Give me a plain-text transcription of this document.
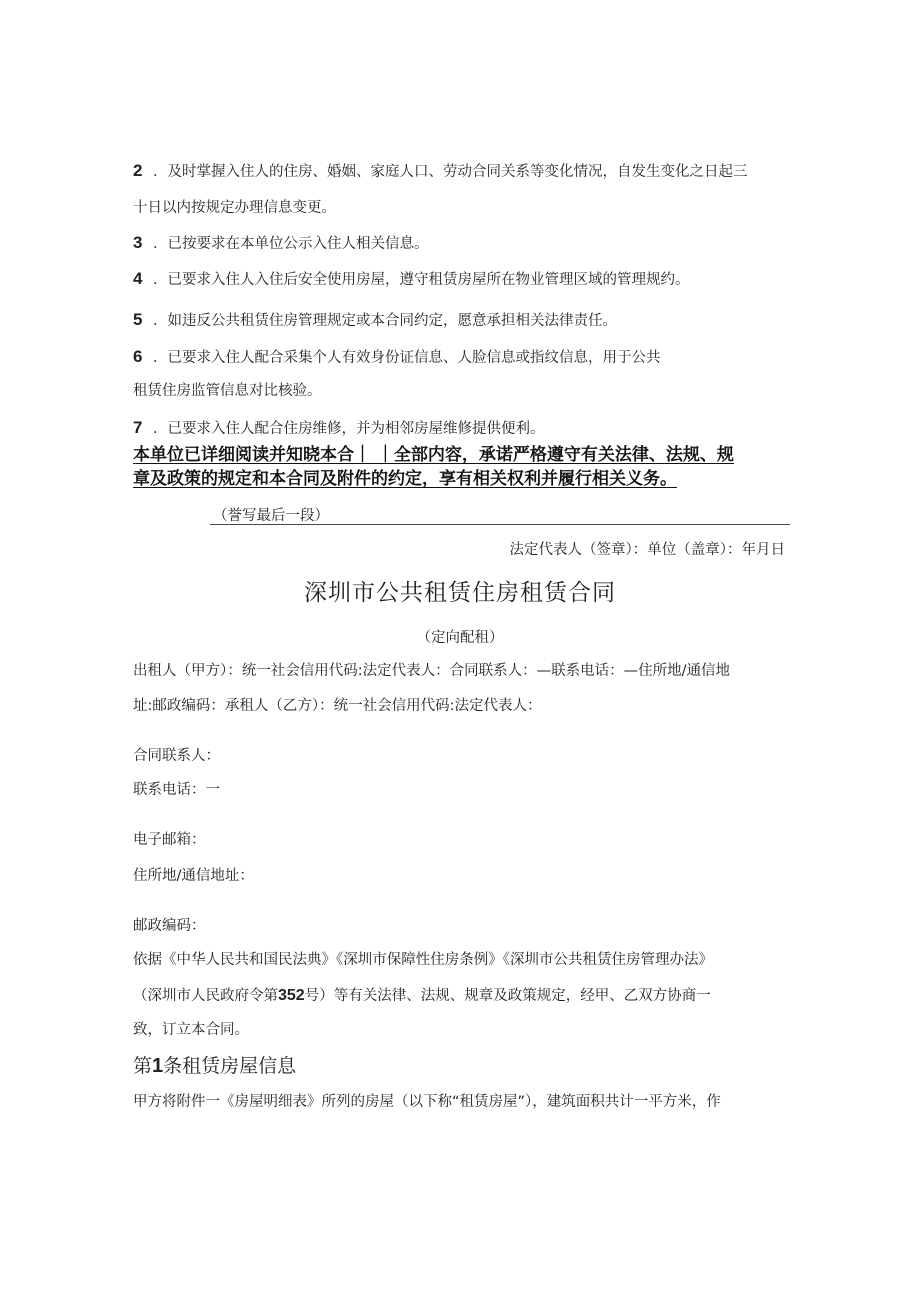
2 ．及时掌握入住人的住房、婚姻、家庭人口、劳动合同关系等变化情况，自发生变化之日起三
十日以内按规定办理信息变更。
3 ．已按要求在本单位公示入住人相关信息。
4 ．已要求入住人入住后安全使用房屋，遵守租赁房屋所在物业管理区域的管理规约。
5 ．如违反公共租赁住房管理规定或本合同约定，愿意承担相关法律责任。
6 ．已要求入住人配合采集个人有效身份证信息、人脸信息或指纹信息，用于公共
租赁住房监管信息对比核验。
7 ．已要求入住人配合住房维修，并为相邻房屋维修提供便利。
本单位已详细阅读并知晓本合｜ ｜全部内容，承诺严格遵守有关法律、法规、规
章及政策的规定和本合同及附件的约定，享有相关权利并履行相关义务。
（誉写最后一段）
法定代表人（签章）：单位（盖章）：年月日
深圳市公共租赁住房租赁合同
（定向配租）
出租人（甲方）：统一社会信用代码:法定代表人：合同联系人：—联系电话：—住所地/通信地
址:邮政编码：承租人（乙方）：统一社会信用代码:法定代表人：
合同联系人：
联系电话：一
电子邮箱：
住所地/通信地址：
邮政编码：
依据《中华人民共和国民法典》《深圳市保障性住房条例》《深圳市公共租赁住房管理办法》
（深圳市人民政府令第352号）等有关法律、法规、规章及政策规定，经甲、乙双方协商一
致，订立本合同。
第1条租赁房屋信息
甲方将附件一《房屋明细表》所列的房屋（以下称“租赁房屋”），建筑面积共计一平方米，作
